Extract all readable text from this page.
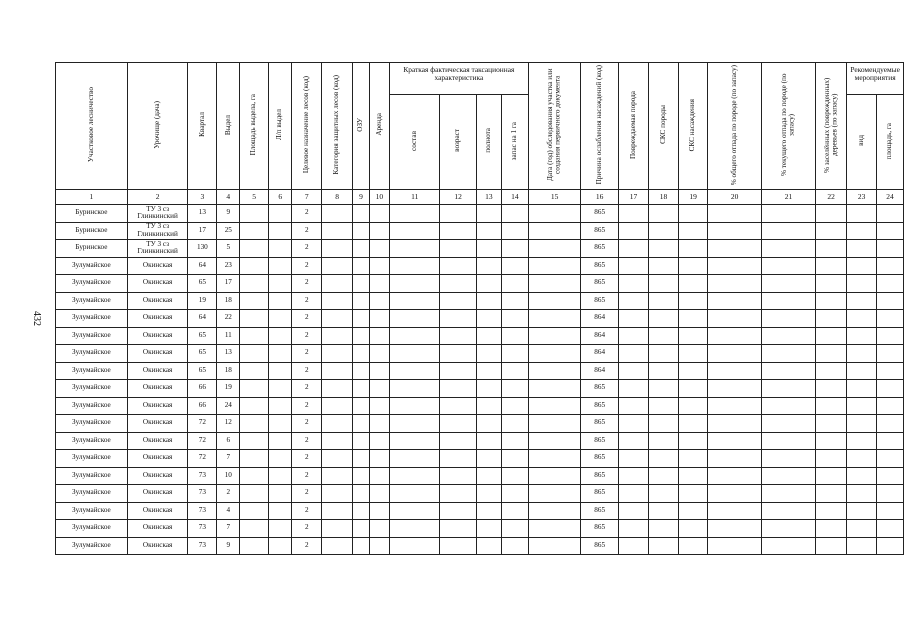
432
Участковое лесничество	Урочище (дача)	Квартал	Выдел	Площадь выдела, га	Л/п выдел	Целевое назначение лесов (код)	Категория защитных лесов (код)	ОЗУ	Аренда	Краткая фактическая таксационная характеристика				Дата (год) обследования участка или создания первичного документа	Причина ослабления насаждений (код)	Повреждаемая порода	СКС породы	СКС насаждения	% общего отпада по породе (по запасу)	% текущего отпада по породе (по запасу)	% заселённых (поврежденных) деревьев (по запасу)	Рекомендуемые мероприятия	
										состав	возраст	полнота	запас на 1 га									вид	площадь, га
1	2	3	4	5	6	7	8	9	10	11	12	13	14	15	16	17	18	19	20	21	22	23	24
Буринское	ТУ 3 сз Глинкинский	13	9			2									865								
Буринское	ТУ 3 сз Глинкинский	17	25			2									865								
Буринское	ТУ 3 сз Глинкинский	130	5			2									865								
Зулумайское	Окинская	64	23			2									865								
Зулумайское	Окинская	65	17			2									865								
Зулумайское	Окинская	19	18			2									865								
Зулумайское	Окинская	64	22			2									864								
Зулумайское	Окинская	65	11			2									864								
Зулумайское	Окинская	65	13			2									864								
Зулумайское	Окинская	65	18			2									864								
Зулумайское	Окинская	66	19			2									865								
Зулумайское	Окинская	66	24			2									865								
Зулумайское	Окинская	72	12			2									865								
Зулумайское	Окинская	72	6			2									865								
Зулумайское	Окинская	72	7			2									865								
Зулумайское	Окинская	73	10			2									865								
Зулумайское	Окинская	73	2			2									865								
Зулумайское	Окинская	73	4			2									865								
Зулумайское	Окинская	73	7			2									865								
Зулумайское	Окинская	73	9			2									865								
